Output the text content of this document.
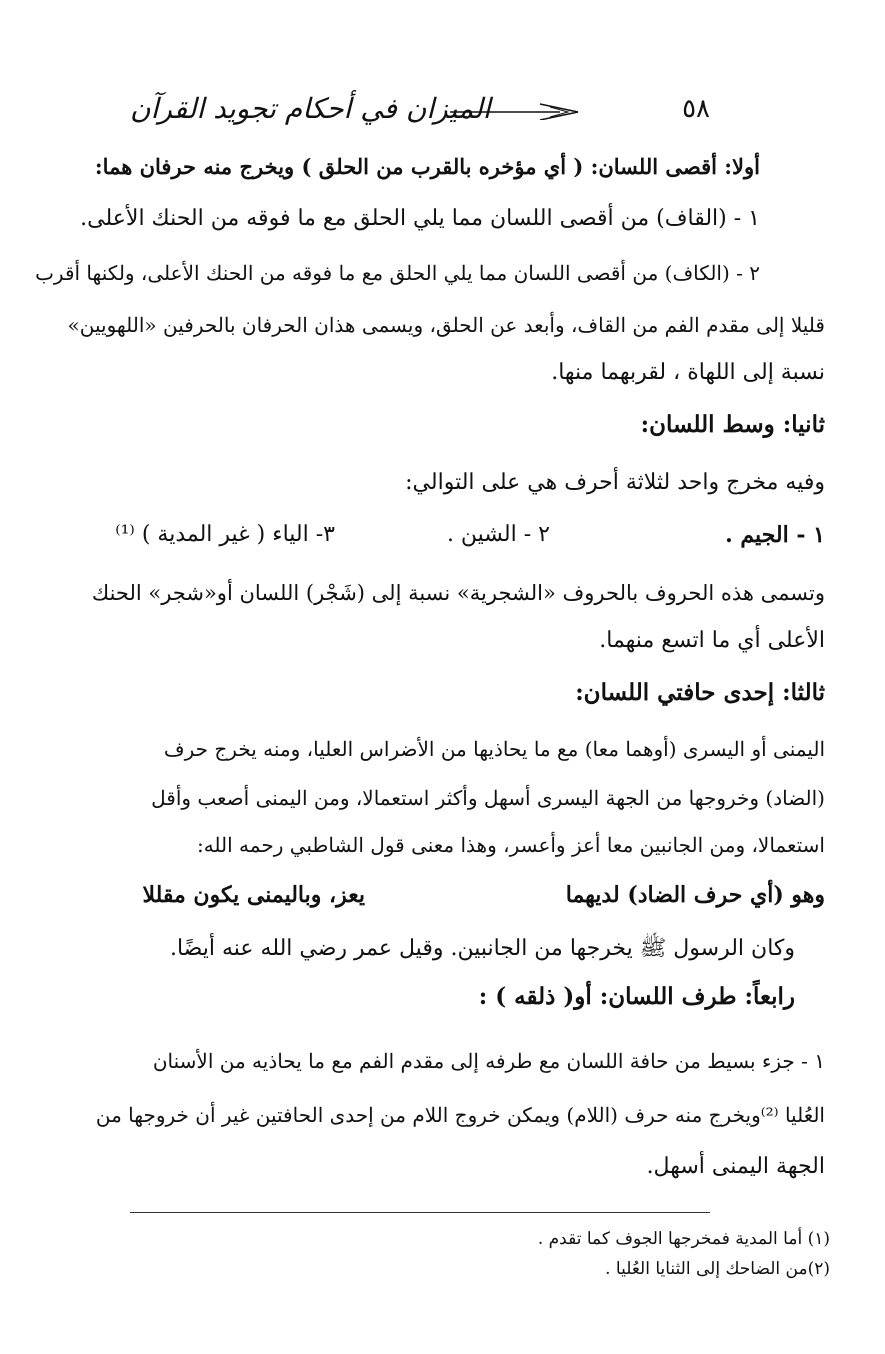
٥٨
الميزان في أحكام تجويد القرآن
أولا: أقصى اللسان: ( أي مؤخره بالقرب من الحلق ) ويخرج منه حرفان هما:
١ - (القاف) من أقصى اللسان مما يلي الحلق مع ما فوقه من الحنك الأعلى.
٢ - (الكاف) من أقصى اللسان مما يلي الحلق مع ما فوقه من الحنك الأعلى، ولكنها أقرب
قليلا إلى مقدم الفم من القاف، وأبعد عن الحلق، ويسمى هذان الحرفان بالحرفين «اللهويين»
نسبة إلى اللهاة ، لقربهما منها.
ثانيا: وسط اللسان:
وفيه مخرج واحد لثلاثة أحرف هي على التوالي:
١ - الجيم .
٢ - الشين .
٣- الياء ( غير المدية ) ⁽¹⁾
وتسمى هذه الحروف بالحروف «الشجرية» نسبة إلى (شَجْر) اللسان أو«شجر» الحنك
الأعلى أي ما اتسع منهما.
ثالثا: إحدى حافتي اللسان:
اليمنى أو اليسرى (أوهما معا) مع ما يحاذيها من الأضراس العليا، ومنه يخرج حرف
(الضاد) وخروجها من الجهة اليسرى أسهل وأكثر استعمالا، ومن اليمنى أصعب وأقل
استعمالا، ومن الجانبين معا أعز وأعسر، وهذا معنى قول الشاطبي رحمه الله:
وهو (أي حرف الضاد) لديهما
يعز، وباليمنى يكون مقللا
وكان الرسول ﷺ يخرجها من الجانبين. وقيل عمر رضي الله عنه أيضًا.
رابعاً: طرف اللسان: أو( ذلقه ) :
١ - جزء بسيط من حافة اللسان مع طرفه إلى مقدم الفم مع ما يحاذيه من الأسنان
العُليا ⁽²⁾ويخرج منه حرف (اللام) ويمكن خروج اللام من إحدى الحافتين غير أن خروجها من
الجهة اليمنى أسهل.
(١) أما المدية فمخرجها الجوف كما تقدم .
(٢)من الضاحك إلى الثنايا العُليا .
